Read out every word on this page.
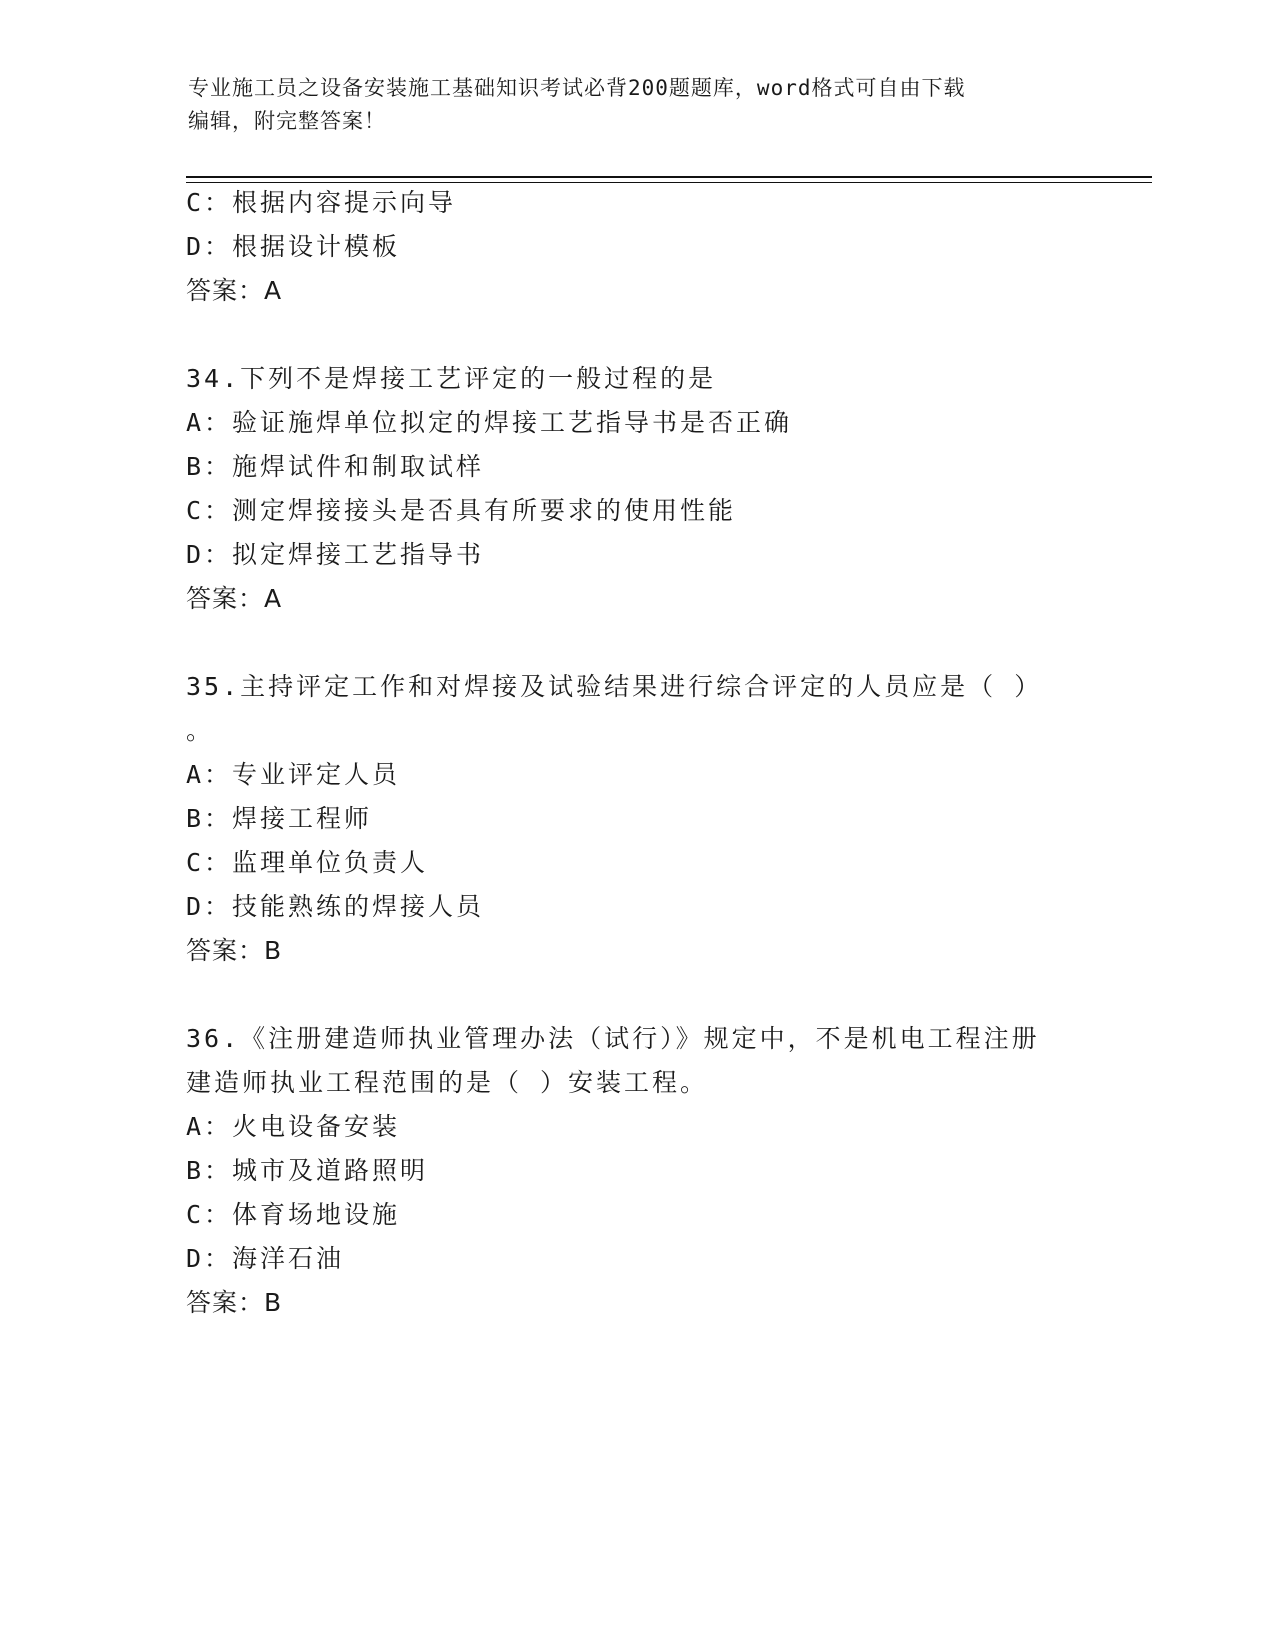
专业施工员之设备安装施工基础知识考试必背200题题库，word格式可自由下载
编辑，附完整答案！
C：根据内容提示向导
D：根据设计模板
答案：A
34.下列不是焊接工艺评定的一般过程的是
A：验证施焊单位拟定的焊接工艺指导书是否正确
B：施焊试件和制取试样
C：测定焊接接头是否具有所要求的使用性能
D：拟定焊接工艺指导书
答案：A
35.主持评定工作和对焊接及试验结果进行综合评定的人员应是（ ）
。
A：专业评定人员
B：焊接工程师
C：监理单位负责人
D：技能熟练的焊接人员
答案：B
36.《注册建造师执业管理办法（试行）》规定中，不是机电工程注册
建造师执业工程范围的是（ ）安装工程。
A：火电设备安装
B：城市及道路照明
C：体育场地设施
D：海洋石油
答案：B
